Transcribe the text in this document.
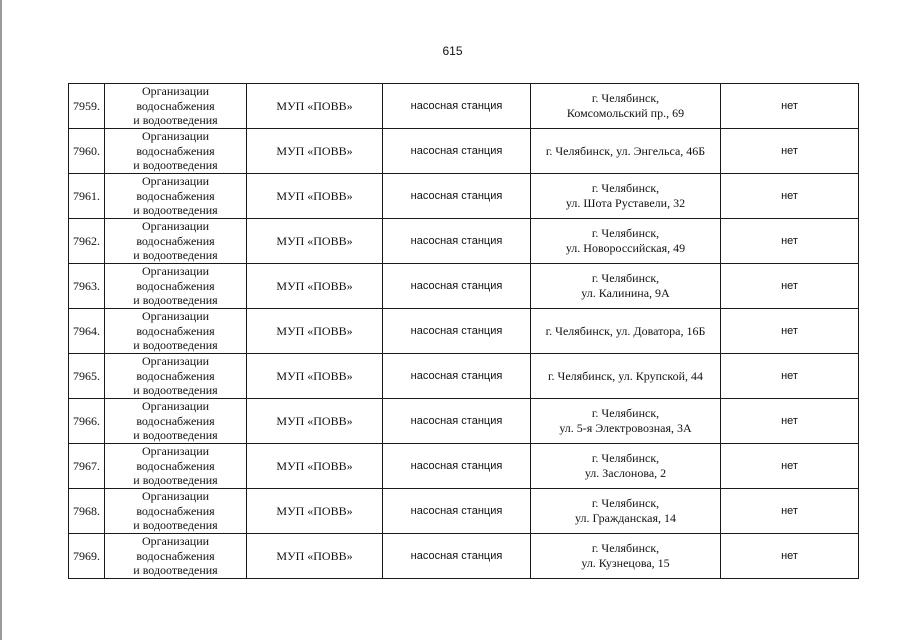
615
7959.	Организации
водоснабжения
и водоотведения	МУП «ПОВВ»	насосная станция	г. Челябинск,
Комсомольский пр., 69	нет
7960.	Организации
водоснабжения
и водоотведения	МУП «ПОВВ»	насосная станция	г. Челябинск, ул. Энгельса, 46Б	нет
7961.	Организации
водоснабжения
и водоотведения	МУП «ПОВВ»	насосная станция	г. Челябинск,
ул. Шота Руставели, 32	нет
7962.	Организации
водоснабжения
и водоотведения	МУП «ПОВВ»	насосная станция	г. Челябинск,
ул. Новороссийская, 49	нет
7963.	Организации
водоснабжения
и водоотведения	МУП «ПОВВ»	насосная станция	г. Челябинск,
ул. Калинина, 9А	нет
7964.	Организации
водоснабжения
и водоотведения	МУП «ПОВВ»	насосная станция	г. Челябинск, ул. Доватора, 16Б	нет
7965.	Организации
водоснабжения
и водоотведения	МУП «ПОВВ»	насосная станция	г. Челябинск, ул. Крупской, 44	нет
7966.	Организации
водоснабжения
и водоотведения	МУП «ПОВВ»	насосная станция	г. Челябинск,
ул. 5-я Электровозная, 3А	нет
7967.	Организации
водоснабжения
и водоотведения	МУП «ПОВВ»	насосная станция	г. Челябинск,
ул. Заслонова, 2	нет
7968.	Организации
водоснабжения
и водоотведения	МУП «ПОВВ»	насосная станция	г. Челябинск,
ул. Гражданская, 14	нет
7969.	Организации
водоснабжения
и водоотведения	МУП «ПОВВ»	насосная станция	г. Челябинск,
ул. Кузнецова, 15	нет
